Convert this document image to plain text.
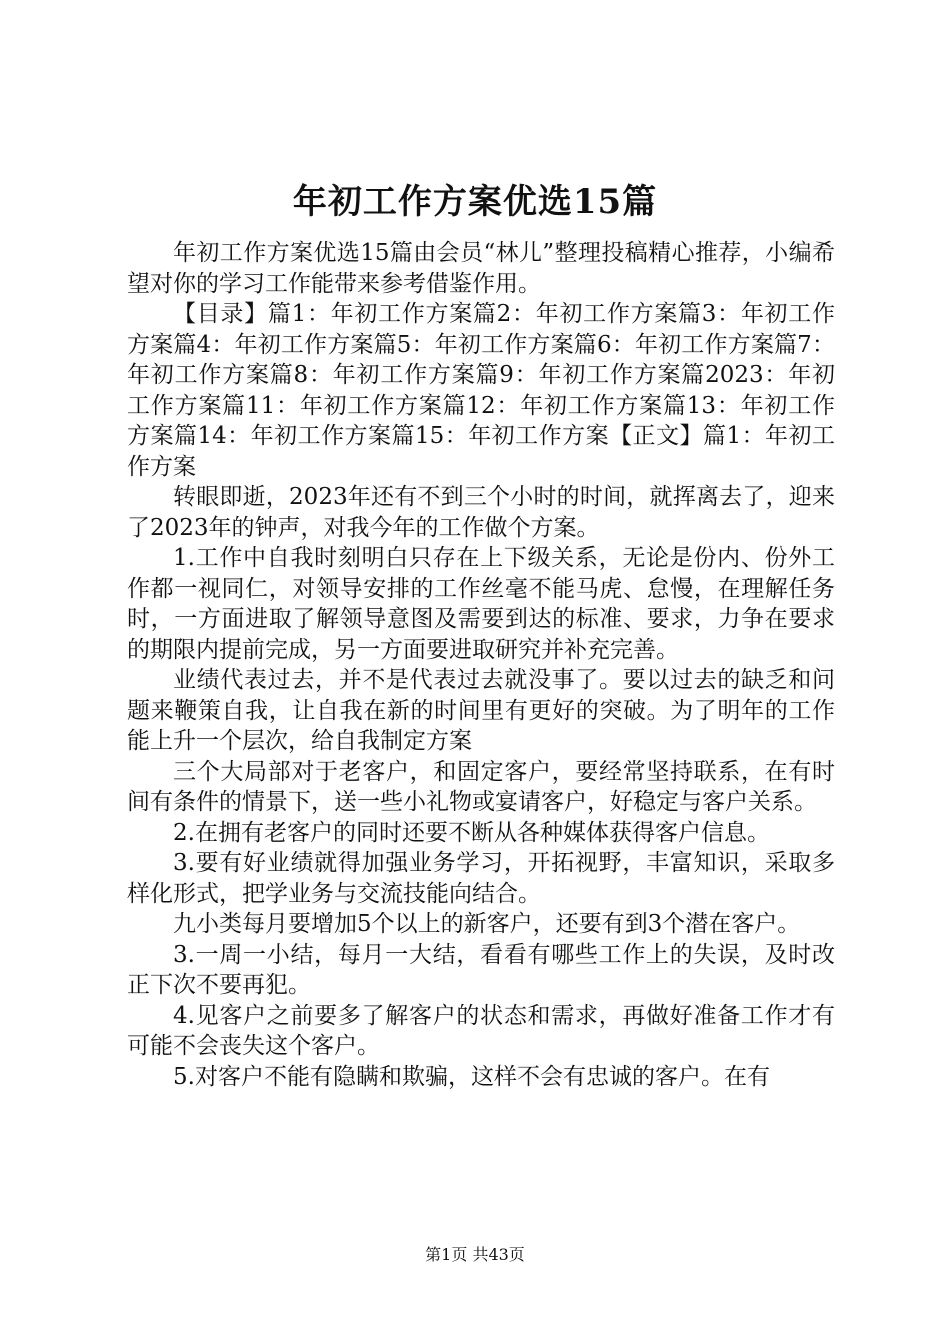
年初工作方案优选15篇

年初工作方案优选15篇由会员“林儿”整理投稿精心推荐，小编希望对你的学习工作能带来参考借鉴作用。

【目录】篇1：年初工作方案篇2：年初工作方案篇3：年初工作方案篇4：年初工作方案篇5：年初工作方案篇6：年初工作方案篇7：年初工作方案篇8：年初工作方案篇9：年初工作方案篇2023：年初工作方案篇11：年初工作方案篇12：年初工作方案篇13：年初工作方案篇14：年初工作方案篇15：年初工作方案【正文】篇1：年初工作方案

转眼即逝，2023年还有不到三个小时的时间，就挥离去了，迎来了2023年的钟声，对我今年的工作做个方案。

1.工作中自我时刻明白只存在上下级关系，无论是份内、份外工作都一视同仁，对领导安排的工作丝毫不能马虎、怠慢，在理解任务时，一方面进取了解领导意图及需要到达的标准、要求，力争在要求的期限内提前完成，另一方面要进取研究并补充完善。

业绩代表过去，并不是代表过去就没事了。要以过去的缺乏和问题来鞭策自我，让自我在新的时间里有更好的突破。为了明年的工作能上升一个层次，给自我制定方案

三个大局部对于老客户，和固定客户，要经常坚持联系，在有时间有条件的情景下，送一些小礼物或宴请客户，好稳定与客户关系。

2.在拥有老客户的同时还要不断从各种媒体获得客户信息。

3.要有好业绩就得加强业务学习，开拓视野，丰富知识，采取多样化形式，把学业务与交流技能向结合。

九小类每月要增加5个以上的新客户，还要有到3个潜在客户。

3.一周一小结，每月一大结，看看有哪些工作上的失误，及时改正下次不要再犯。

4.见客户之前要多了解客户的状态和需求，再做好准备工作才有可能不会丧失这个客户。

5.对客户不能有隐瞒和欺骗，这样不会有忠诚的客户。在有

第1页 共43页
